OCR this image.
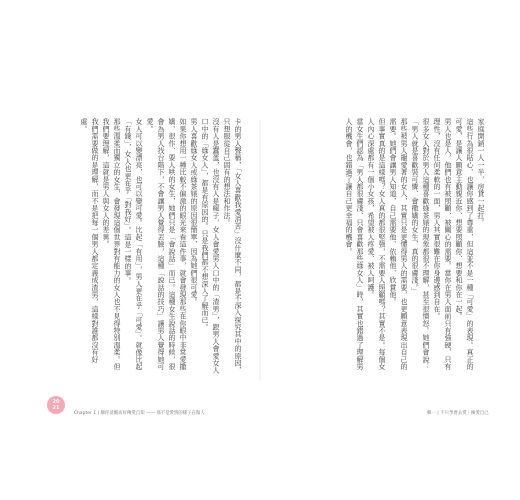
卡的男人聲稱，「女人喜歡我愛消苦」沒什麼不同，都是不深入探究其中的原因，只想服從自己固有的想法和作法。

沒有人是蠢蛋，也沒有人是瘋子，女人會愛男人口中的「渣男」，跟男人會愛女人口中的「綠女人」，都是有原因的。只是我們都不想深入了解而已。

男人喜歡綠女人或綠茶婊的原因很簡單，因為她們很可愛。

如果你想用一種比較不偏激的眼光來看這件事，就會發現那些在你眼中非常愛撒嬌、很作、要人哄的女生，她們只是「會說話」而已。這種女生說話的時候，很會為男人找台階下，不會讓男人覺得丟臉，這種「說話的技巧」讓男人覺得她可愛。

女人可以變漂亮，也可以變可愛。比起「有用」，男人更在乎「可愛」。就像比起「有錢」，女人也更在乎「對我好」。這是一樣的事。

那些溫柔而獨立的女生，會發現這個世界對有能力的女人也不見得特別溫柔。但我們要理解，這就是男人與女人的差異。

我們需要做的是理解，而不是把每一個男人都定義成渣男，這樣對誰都沒有好處。

20
21
Chapter 1 | 願你清醒而好傳愛自知 —— 那不是愛情的樣子在傷人

家庭開銷一人一半，房貸一起扛。

這些行為很貼心、也讓你感到了尊重，但這並不是一種「可愛」的表現。真正的可愛，是讓人願意主動親近你、想要照顧你、想要和你在一起。

男人也是人，他們也有被照顧、被關心的需要。當你在男人面前只有強硬、只有理性，沒有任何柔軟的一面，男人其實很難在你身邊感到自在。

很多女人對於男人這種喜歡綠茶婊的現象都很不理解，甚至很憤怒。她們會說：「男人就是喜歡裝可憐、會撒嬌的女生，真的很膚淺。」

那些被男人寵愛著的女人，其實只是更懂得男人的需要，也更願意表現出自己的需要。她們會讓男人知道，自己需要他、依賴他、欣賞他。

但事實真的是這樣嗎？女人真的都很堅強，不需要人照顧嗎？其實不是。每個女人內心深處都有一個小女孩，希望被人疼愛、被人呵護。

當女生們認為「男人都很膚淺、只會喜歡那些綠女人」時，其實也錯過了理解男人的機會，也錯過了讓自己更幸福的機會。

輯一 | 不只學會去愛｜擁愛自己
